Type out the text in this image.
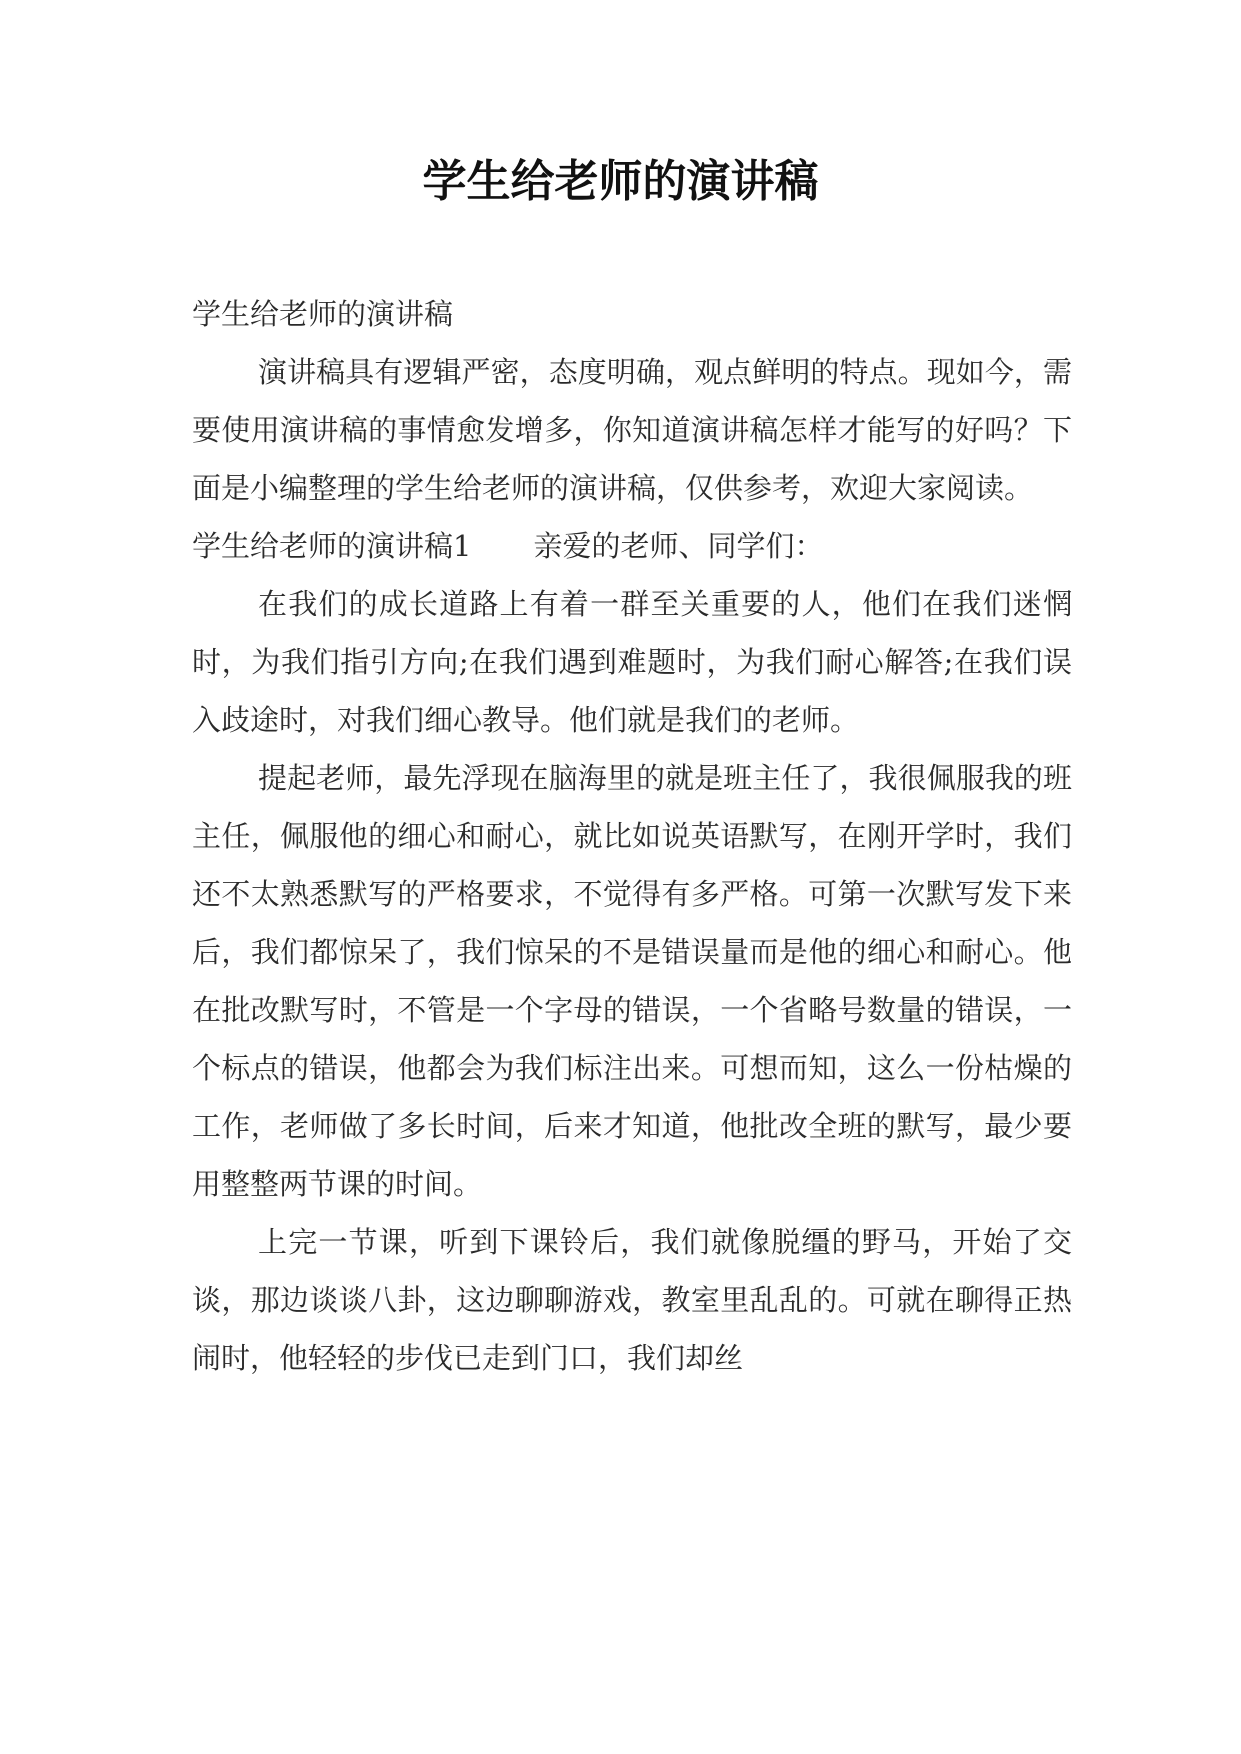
学生给老师的演讲稿

学生给老师的演讲稿

演讲稿具有逻辑严密，态度明确，观点鲜明的特点。现如今，需要使用演讲稿的事情愈发增多，你知道演讲稿怎样才能写的好吗？下面是小编整理的学生给老师的演讲稿，仅供参考，欢迎大家阅读。

学生给老师的演讲稿1 亲爱的老师、同学们：

在我们的成长道路上有着一群至关重要的人，他们在我们迷惘时，为我们指引方向;在我们遇到难题时，为我们耐心解答;在我们误入歧途时，对我们细心教导。他们就是我们的老师。

提起老师，最先浮现在脑海里的就是班主任了，我很佩服我的班主任，佩服他的细心和耐心，就比如说英语默写，在刚开学时，我们还不太熟悉默写的严格要求，不觉得有多严格。可第一次默写发下来后，我们都惊呆了，我们惊呆的不是错误量而是他的细心和耐心。他在批改默写时，不管是一个字母的错误，一个省略号数量的错误，一个标点的错误，他都会为我们标注出来。可想而知，这么一份枯燥的工作，老师做了多长时间，后来才知道，他批改全班的默写，最少要用整整两节课的时间。

上完一节课，听到下课铃后，我们就像脱缰的野马，开始了交谈，那边谈谈八卦，这边聊聊游戏，教室里乱乱的。可就在聊得正热闹时，他轻轻的步伐已走到门口，我们却丝
